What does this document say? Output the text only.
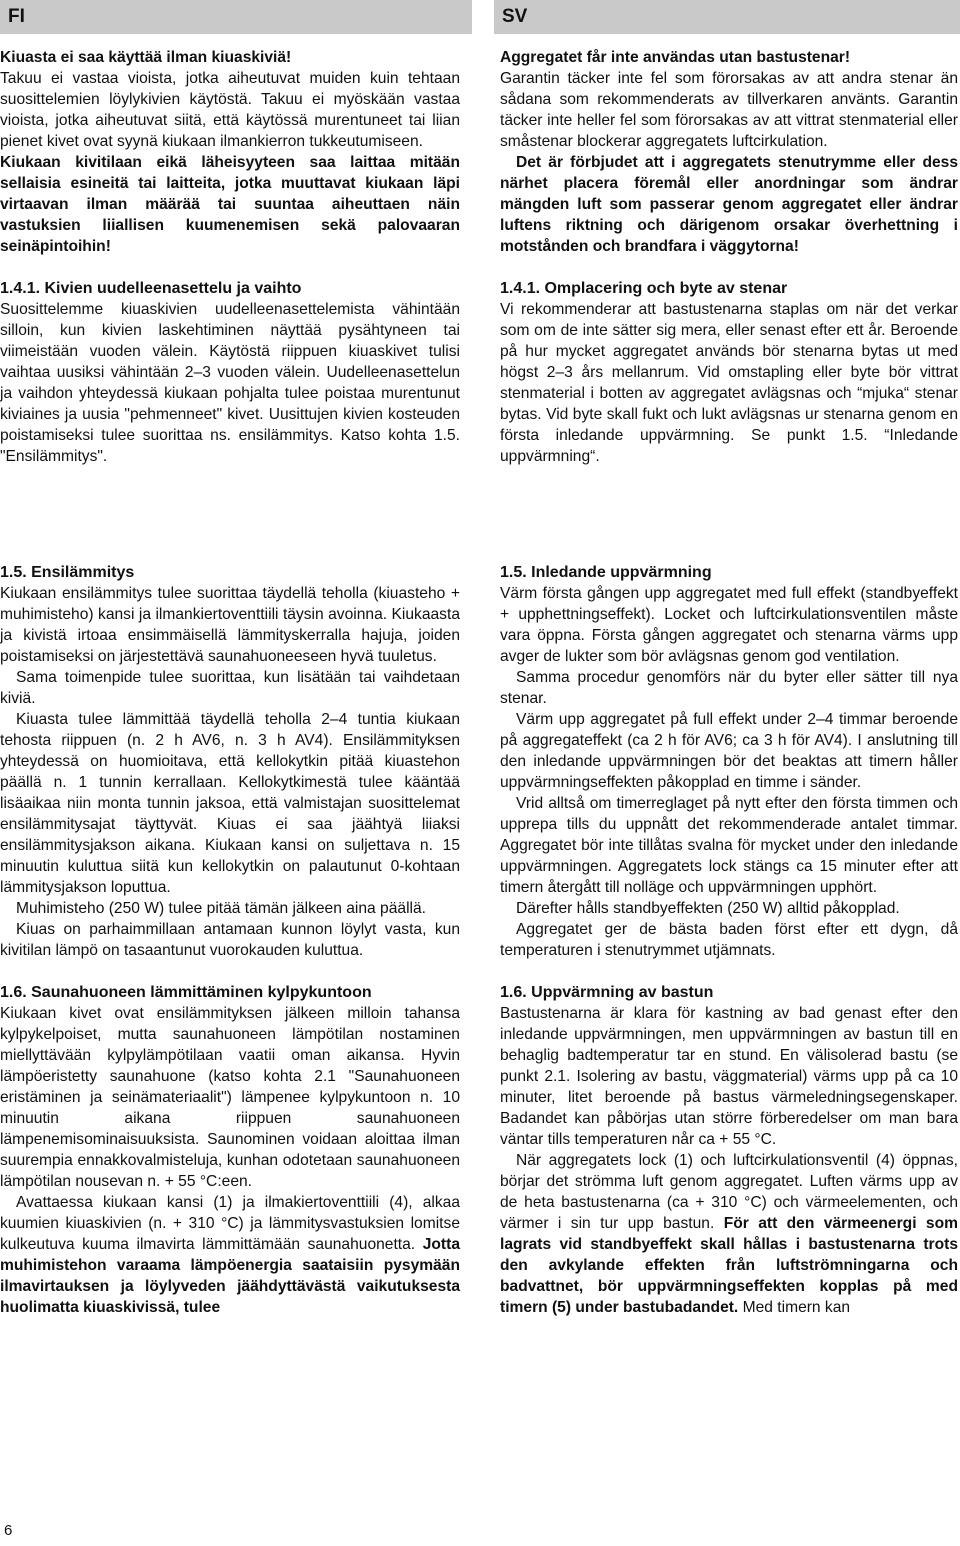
FI	SV

Kiuasta ei saa käyttää ilman kiuaskiviä!
Takuu ei vastaa vioista, jotka aiheutuvat muiden kuin tehtaan suosittelemien löylykivien käytöstä. Takuu ei myöskään vastaa vioista, jotka aiheutuvat siitä, että käytössä murentuneet tai liian pienet kivet ovat syynä kiukaan ilmankierron tukkeutumiseen.

Kiukaan kivitilaan eikä läheisyyteen saa laittaa mitään sellaisia esineitä tai laitteita, jotka muuttavat kiukaan läpi virtaavan ilman määrää tai suuntaa aiheuttaen näin vastuksien liiallisen kuumenemisen sekä palovaaran seinäpintoihin!

1.4.1. Kivien uudelleenasettelu ja vaihto

Suosittelemme kiuaskivien uudelleenasettelemista vähintään silloin, kun kivien laskehtiminen näyttää pysähtyneen tai viimeistään vuoden välein. Käytöstä riippuen kiuaskivet tulisi vaihtaa uusiksi vähintään 2–3 vuoden välein. Uudelleenasettelun ja vaihdon yhteydessä kiukaan pohjalta tulee poistaa murentunut kiviaines ja uusia "pehmenneet" kivet. Uusittujen kivien kosteuden poistamiseksi tulee suorittaa ns. ensilämmitys. Katso kohta 1.5. "Ensilämmitys".

Aggregatet får inte användas utan bastustenar!
Garantin täcker inte fel som förorsakas av att andra stenar än sådana som rekommenderats av tillverkaren använts. Garantin täcker inte heller fel som förorsakas av att vittrat stenmaterial eller småstenar blockerar aggregatets luftcirkulation.

Det är förbjudet att i aggregatets stenutrymme eller dess närhet placera föremål eller anordningar som ändrar mängden luft som passerar genom aggregatet eller ändrar luftens riktning och därigenom orsakar överhettning i motstånden och brandfara i väggytorna!

1.4.1. Omplacering och byte av stenar

Vi rekommenderar att bastustenarna staplas om när det verkar som om de inte sätter sig mera, eller senast efter ett år. Beroende på hur mycket aggregatet används bör stenarna bytas ut med högst 2–3 års mellanrum. Vid omstapling eller byte bör vittrat stenmaterial i botten av aggregatet avlägsnas och “mjuka“ stenar bytas. Vid byte skall fukt och lukt avlägsnas ur stenarna genom en första inledande uppvärmning. Se punkt 1.5. “Inledande uppvärmning“.

1.5. Ensilämmitys

Kiukaan ensilämmitys tulee suorittaa täydellä teholla (kiuasteho + muhimisteho) kansi ja ilmankiertoventtiili täysin avoinna. Kiukaasta ja kivistä irtoaa ensimmäisellä lämmityskerralla hajuja, joiden poistamiseksi on järjestettävä saunahuoneeseen hyvä tuuletus.

Sama toimenpide tulee suorittaa, kun lisätään tai vaihdetaan kiviä.

Kiuasta tulee lämmittää täydellä teholla 2–4 tuntia kiukaan tehosta riippuen (n. 2 h AV6, n. 3 h AV4). Ensilämmityksen yhteydessä on huomioitava, että kellokytkin pitää kiuastehon päällä n. 1 tunnin kerrallaan. Kellokytkimestä tulee kääntää lisäaikaa niin monta tunnin jaksoa, että valmistajan suosittelemat ensilämmitysajat täyttyvät. Kiuas ei saa jäähtyä liiaksi ensilämmitysjakson aikana. Kiukaan kansi on suljettava n. 15 minuutin kuluttua siitä kun kellokytkin on palautunut 0-kohtaan lämmitysjakson loputtua.

Muhimisteho (250 W) tulee pitää tämän jälkeen aina päällä.

Kiuas on parhaimmillaan antamaan kunnon löylyt vasta, kun kivitilan lämpö on tasaantunut vuorokauden kuluttua.

1.6. Saunahuoneen lämmittäminen kylpykuntoon

Kiukaan kivet ovat ensilämmityksen jälkeen milloin tahansa kylpykelpoiset, mutta saunahuoneen lämpötilan nostaminen miellyttävään kylpylämpötilaan vaatii oman aikansa. Hyvin lämpöeristetty saunahuone (katso kohta 2.1 "Saunahuoneen eristäminen ja seinämateriaalit") lämpenee kylpykuntoon n. 10 minuutin aikana riippuen saunahuoneen lämpenemisominaisuuksista. Saunominen voidaan aloittaa ilman suurempia ennakkovalmisteluja, kunhan odotetaan saunahuoneen lämpötilan nousevan n. + 55 °C:een.

Avattaessa kiukaan kansi (1) ja ilmakiertoventtiili (4), alkaa kuumien kiuaskivien (n. + 310 °C) ja lämmitysvastuksien lomitse kulkeutuva kuuma ilmavirta lämmittämään saunahuonetta. Jotta muhimistehon varaama lämpöenergia saataisiin pysymään ilmavirtauksen ja löylyveden jäähdyttävästä vaikutuksesta huolimatta kiuaskivissä, tulee

1.5. Inledande uppvärmning

Värm första gången upp aggregatet med full effekt (standbyeffekt + upphettningseffekt). Locket och luftcirkulationsventilen måste vara öppna. Första gången aggregatet och stenarna värms upp avger de lukter som bör avlägsnas genom god ventilation.

Samma procedur genomförs när du byter eller sätter till nya stenar.

Värm upp aggregatet på full effekt under 2–4 timmar beroende på aggregateffekt (ca 2 h för AV6; ca 3 h för AV4). I anslutning till den inledande uppvärmningen bör det beaktas att timern håller uppvärmningseffekten påkopplad en timme i sänder.

Vrid alltså om timerreglaget på nytt efter den första timmen och upprepa tills du uppnått det rekommenderade antalet timmar. Aggregatet bör inte tillåtas svalna för mycket under den inledande uppvärmningen. Aggregatets lock stängs ca 15 minuter efter att timern återgått till nolläge och uppvärmningen upphört.

Därefter hålls standbyeffekten (250 W) alltid påkopplad.

Aggregatet ger de bästa baden först efter ett dygn, då temperaturen i stenutrymmet utjämnats.

1.6. Uppvärmning av bastun

Bastustenarna är klara för kastning av bad genast efter den inledande uppvärmningen, men uppvärmningen av bastun till en behaglig badtemperatur tar en stund. En välisolerad bastu (se punkt 2.1. Isolering av bastu, väggmaterial) värms upp på ca 10 minuter, litet beroende på bastus värmeledningsegenskaper. Badandet kan påbörjas utan större förberedelser om man bara väntar tills temperaturen når ca + 55 °C.

När aggregatets lock (1) och luftcirkulationsventil (4) öppnas, börjar det strömma luft genom aggregatet. Luften värms upp av de heta bastustenarna (ca + 310 °C) och värmeelementen, och värmer i sin tur upp bastun. För att den värmeenergi som lagrats vid standbyeffekt skall hållas i bastustenarna trots den avkylande effekten från luftströmningarna och badvattnet, bör uppvärmningseffekten kopplas på med timern (5) under bastubadandet. Med timern kan

6
